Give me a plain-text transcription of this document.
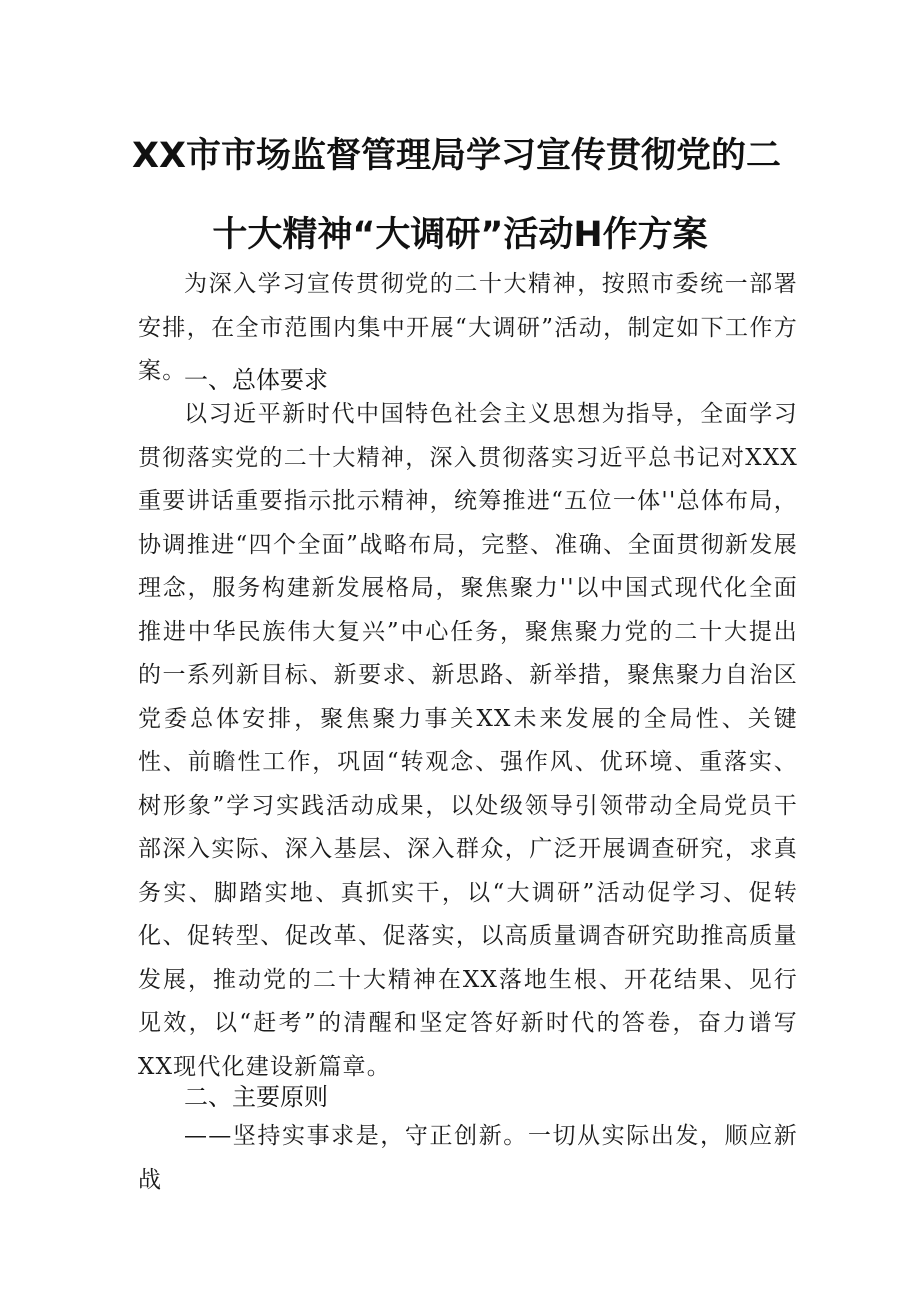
XX市市场监督管理局学习宣传贯彻党的二
十大精神“大调研”活动H作方案
为深入学习宣传贯彻党的二十大精神，按照市委统一部署安排，在全市范围内集中开展“大调研”活动，制定如下工作方案。
一、总体要求
以习近平新时代中国特色社会主义思想为指导，全面学习贯彻落实党的二十大精神，深入贯彻落实习近平总书记对XXX重要讲话重要指示批示精神，统筹推进“五位一体''总体布局，协调推进“四个全面”战略布局，完整、准确、全面贯彻新发展理念，服务构建新发展格局，聚焦聚力''以中国式现代化全面推进中华民族伟大复兴”中心任务，聚焦聚力党的二十大提出的一系列新目标、新要求、新思路、新举措，聚焦聚力自治区党委总体安排，聚焦聚力事关XX未来发展的全局性、关键性、前瞻性工作，巩固“转观念、强作风、优环境、重落实、树形象”学习实践活动成果，以处级领导引领带动全局党员干部深入实际、深入基层、深入群众，广泛开展调查研究，求真务实、脚踏实地、真抓实干，以“大调研”活动促学习、促转化、促转型、促改革、促落实，以高质量调杳研究助推高质量发展，推动党的二十大精神在XX落地生根、开花结果、见行见效，以“赶考”的清醒和坚定答好新时代的答卷，奋力谱写XX现代化建设新篇章。
二、主要原则
——坚持实事求是，守正创新。一切从实际出发，顺应新战
